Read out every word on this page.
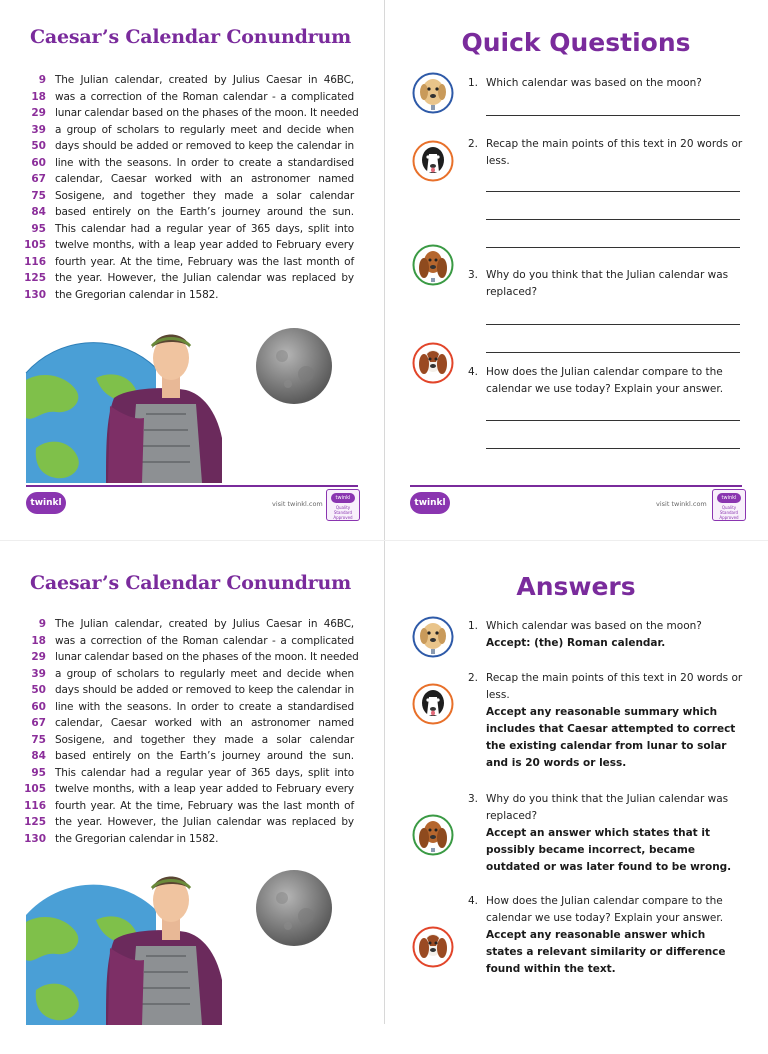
Caesar’s Calendar Conundrum
9 The Julian calendar, created by Julius Caesar in 46BC,
18 was a correction of the Roman calendar - a complicated
29 lunar calendar based on the phases of the moon. It needed
39 a group of scholars to regularly meet and decide when
50 days should be added or removed to keep the calendar in
60 line with the seasons. In order to create a standardised
67 calendar, Caesar worked with an astronomer named
75 Sosigene, and together they made a solar calendar
84 based entirely on the Earth’s journey around the sun.
95 This calendar had a regular year of 365 days, split into
105 twelve months, with a leap year added to February every
116 fourth year. At the time, February was the last month of
125 the year. However, the Julian calendar was replaced by
130 the Gregorian calendar in 1582.
twinkl	visit twinkl.com
twinkl
Quality Standard Approved
Caesar’s Calendar Conundrum
9 The Julian calendar, created by Julius Caesar in 46BC,
18 was a correction of the Roman calendar - a complicated
29 lunar calendar based on the phases of the moon. It needed
39 a group of scholars to regularly meet and decide when
50 days should be added or removed to keep the calendar in
60 line with the seasons. In order to create a standardised
67 calendar, Caesar worked with an astronomer named
75 Sosigene, and together they made a solar calendar
84 based entirely on the Earth’s journey around the sun.
95 This calendar had a regular year of 365 days, split into
105 twelve months, with a leap year added to February every
116 fourth year. At the time, February was the last month of
125 the year. However, the Julian calendar was replaced by
130 the Gregorian calendar in 1582.
Quick Questions
1. Which calendar was based on the moon?
2. Recap the main points of this text in 20 words or less.
3. Why do you think that the Julian calendar was replaced?
4. How does the Julian calendar compare to the calendar we use today? Explain your answer.
twinkl	visit twinkl.com
twinkl
Quality Standard Approved
Answers
1. Which calendar was based on the moon?
Accept: (the) Roman calendar.
2. Recap the main points of this text in 20 words or less.
Accept any reasonable summary which includes that Caesar attempted to correct the existing calendar from lunar to solar and is 20 words or less.
3. Why do you think that the Julian calendar was replaced?
Accept an answer which states that it possibly became incorrect, became outdated or was later found to be wrong.
4. How does the Julian calendar compare to the calendar we use today? Explain your answer.
Accept any reasonable answer which states a relevant similarity or difference found within the text.
